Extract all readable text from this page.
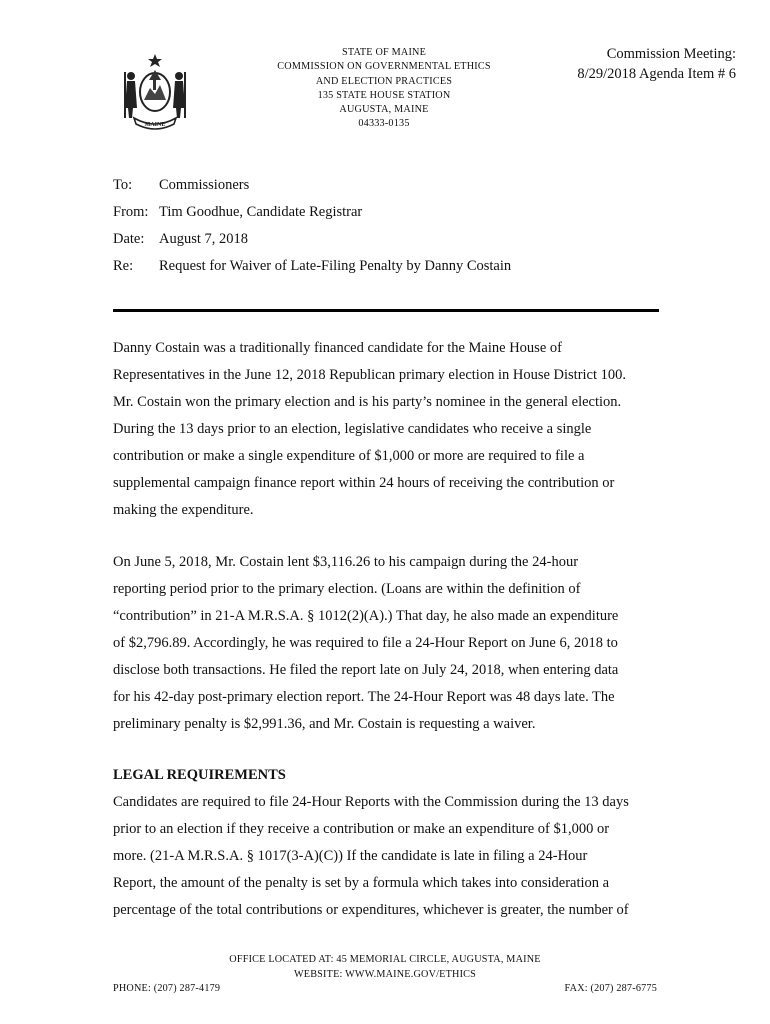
MAINE
STATE OF MAINE
COMMISSION ON GOVERNMENTAL ETHICS
AND ELECTION PRACTICES
135 STATE HOUSE STATION
AUGUSTA, MAINE
04333-0135
Commission Meeting:
8/29/2018 Agenda Item # 6
To: Commissioners
From: Tim Goodhue, Candidate Registrar
Date: August 7, 2018
Re: Request for Waiver of Late-Filing Penalty by Danny Costain
Danny Costain was a traditionally financed candidate for the Maine House of
Representatives in the June 12, 2018 Republican primary election in House District 100.
Mr. Costain won the primary election and is his party’s nominee in the general election.
During the 13 days prior to an election, legislative candidates who receive a single
contribution or make a single expenditure of $1,000 or more are required to file a
supplemental campaign finance report within 24 hours of receiving the contribution or
making the expenditure.
On June 5, 2018, Mr. Costain lent $3,116.26 to his campaign during the 24-hour
reporting period prior to the primary election. (Loans are within the definition of
“contribution” in 21-A M.R.S.A. § 1012(2)(A).) That day, he also made an expenditure
of $2,796.89. Accordingly, he was required to file a 24-Hour Report on June 6, 2018 to
disclose both transactions. He filed the report late on July 24, 2018, when entering data
for his 42-day post-primary election report. The 24-Hour Report was 48 days late. The
preliminary penalty is $2,991.36, and Mr. Costain is requesting a waiver.
LEGAL REQUIREMENTS
Candidates are required to file 24-Hour Reports with the Commission during the 13 days
prior to an election if they receive a contribution or make an expenditure of $1,000 or
more. (21-A M.R.S.A. § 1017(3-A)(C)) If the candidate is late in filing a 24-Hour
Report, the amount of the penalty is set by a formula which takes into consideration a
percentage of the total contributions or expenditures, whichever is greater, the number of
OFFICE LOCATED AT: 45 MEMORIAL CIRCLE, AUGUSTA, MAINE
WEBSITE: WWW.MAINE.GOV/ETHICS
PHONE: (207) 287-4179	FAX: (207) 287-6775
